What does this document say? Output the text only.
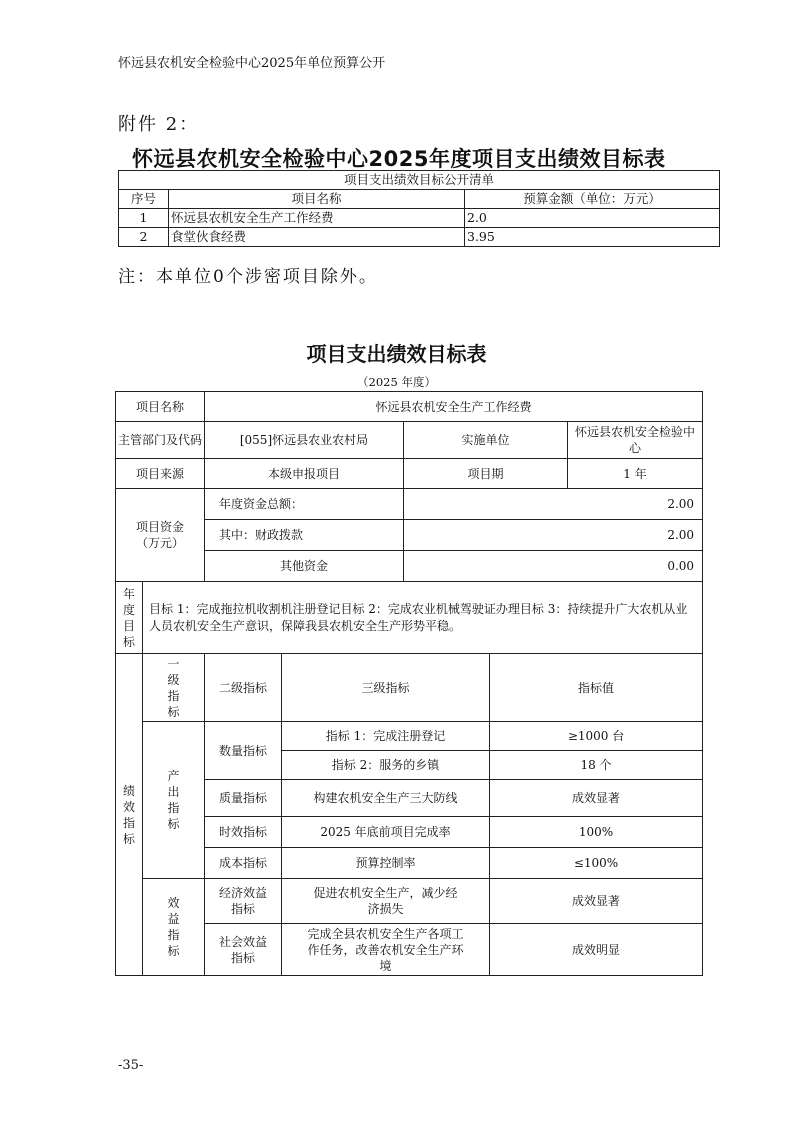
怀远县农机安全检验中心2025年单位预算公开
附件 2：
怀远县农机安全检验中心2025年度项目支出绩效目标表
项目支出绩效目标公开清单		
序号	项目名称	预算金额（单位：万元）
1	怀远县农机安全生产工作经费	2.0
2	食堂伙食经费	3.95
注：本单位0个涉密项目除外。
项目支出绩效目标表
（2025 年度）
项目名称		怀远县农机安全生产工作经费				
主管部门及代码		[055]怀远县农业农村局		实施单位		怀远县农机安全检验中心
项目来源		本级申报项目		项目期		1 年
项目资金（万元）		年度资金总额：		2.00		
		其中：财政拨款		2.00		
		其他资金		0.00		
年度目标	目标 1：完成拖拉机收割机注册登记目标 2：完成农业机械驾驶证办理目标 3：持续提升广大农机从业人员农机安全生产意识，保障我县农机安全生产形势平稳。					
绩效指标	一级指标	二级指标	三级指标		指标值	
	产出指标	数量指标	指标 1：完成注册登记		≥1000 台	
			指标 2：服务的乡镇		18 个	
		质量指标	构建农机安全生产三大防线		成效显著	
		时效指标	2025 年底前项目完成率		100%	
		成本指标	预算控制率		≤100%	
	效益指标	经济效益指标	促进农机安全生产，减少经济损失		成效显著	
		社会效益指标	完成全县农机安全生产各项工作任务，改善农机安全生产环境		成效明显	
-35-
